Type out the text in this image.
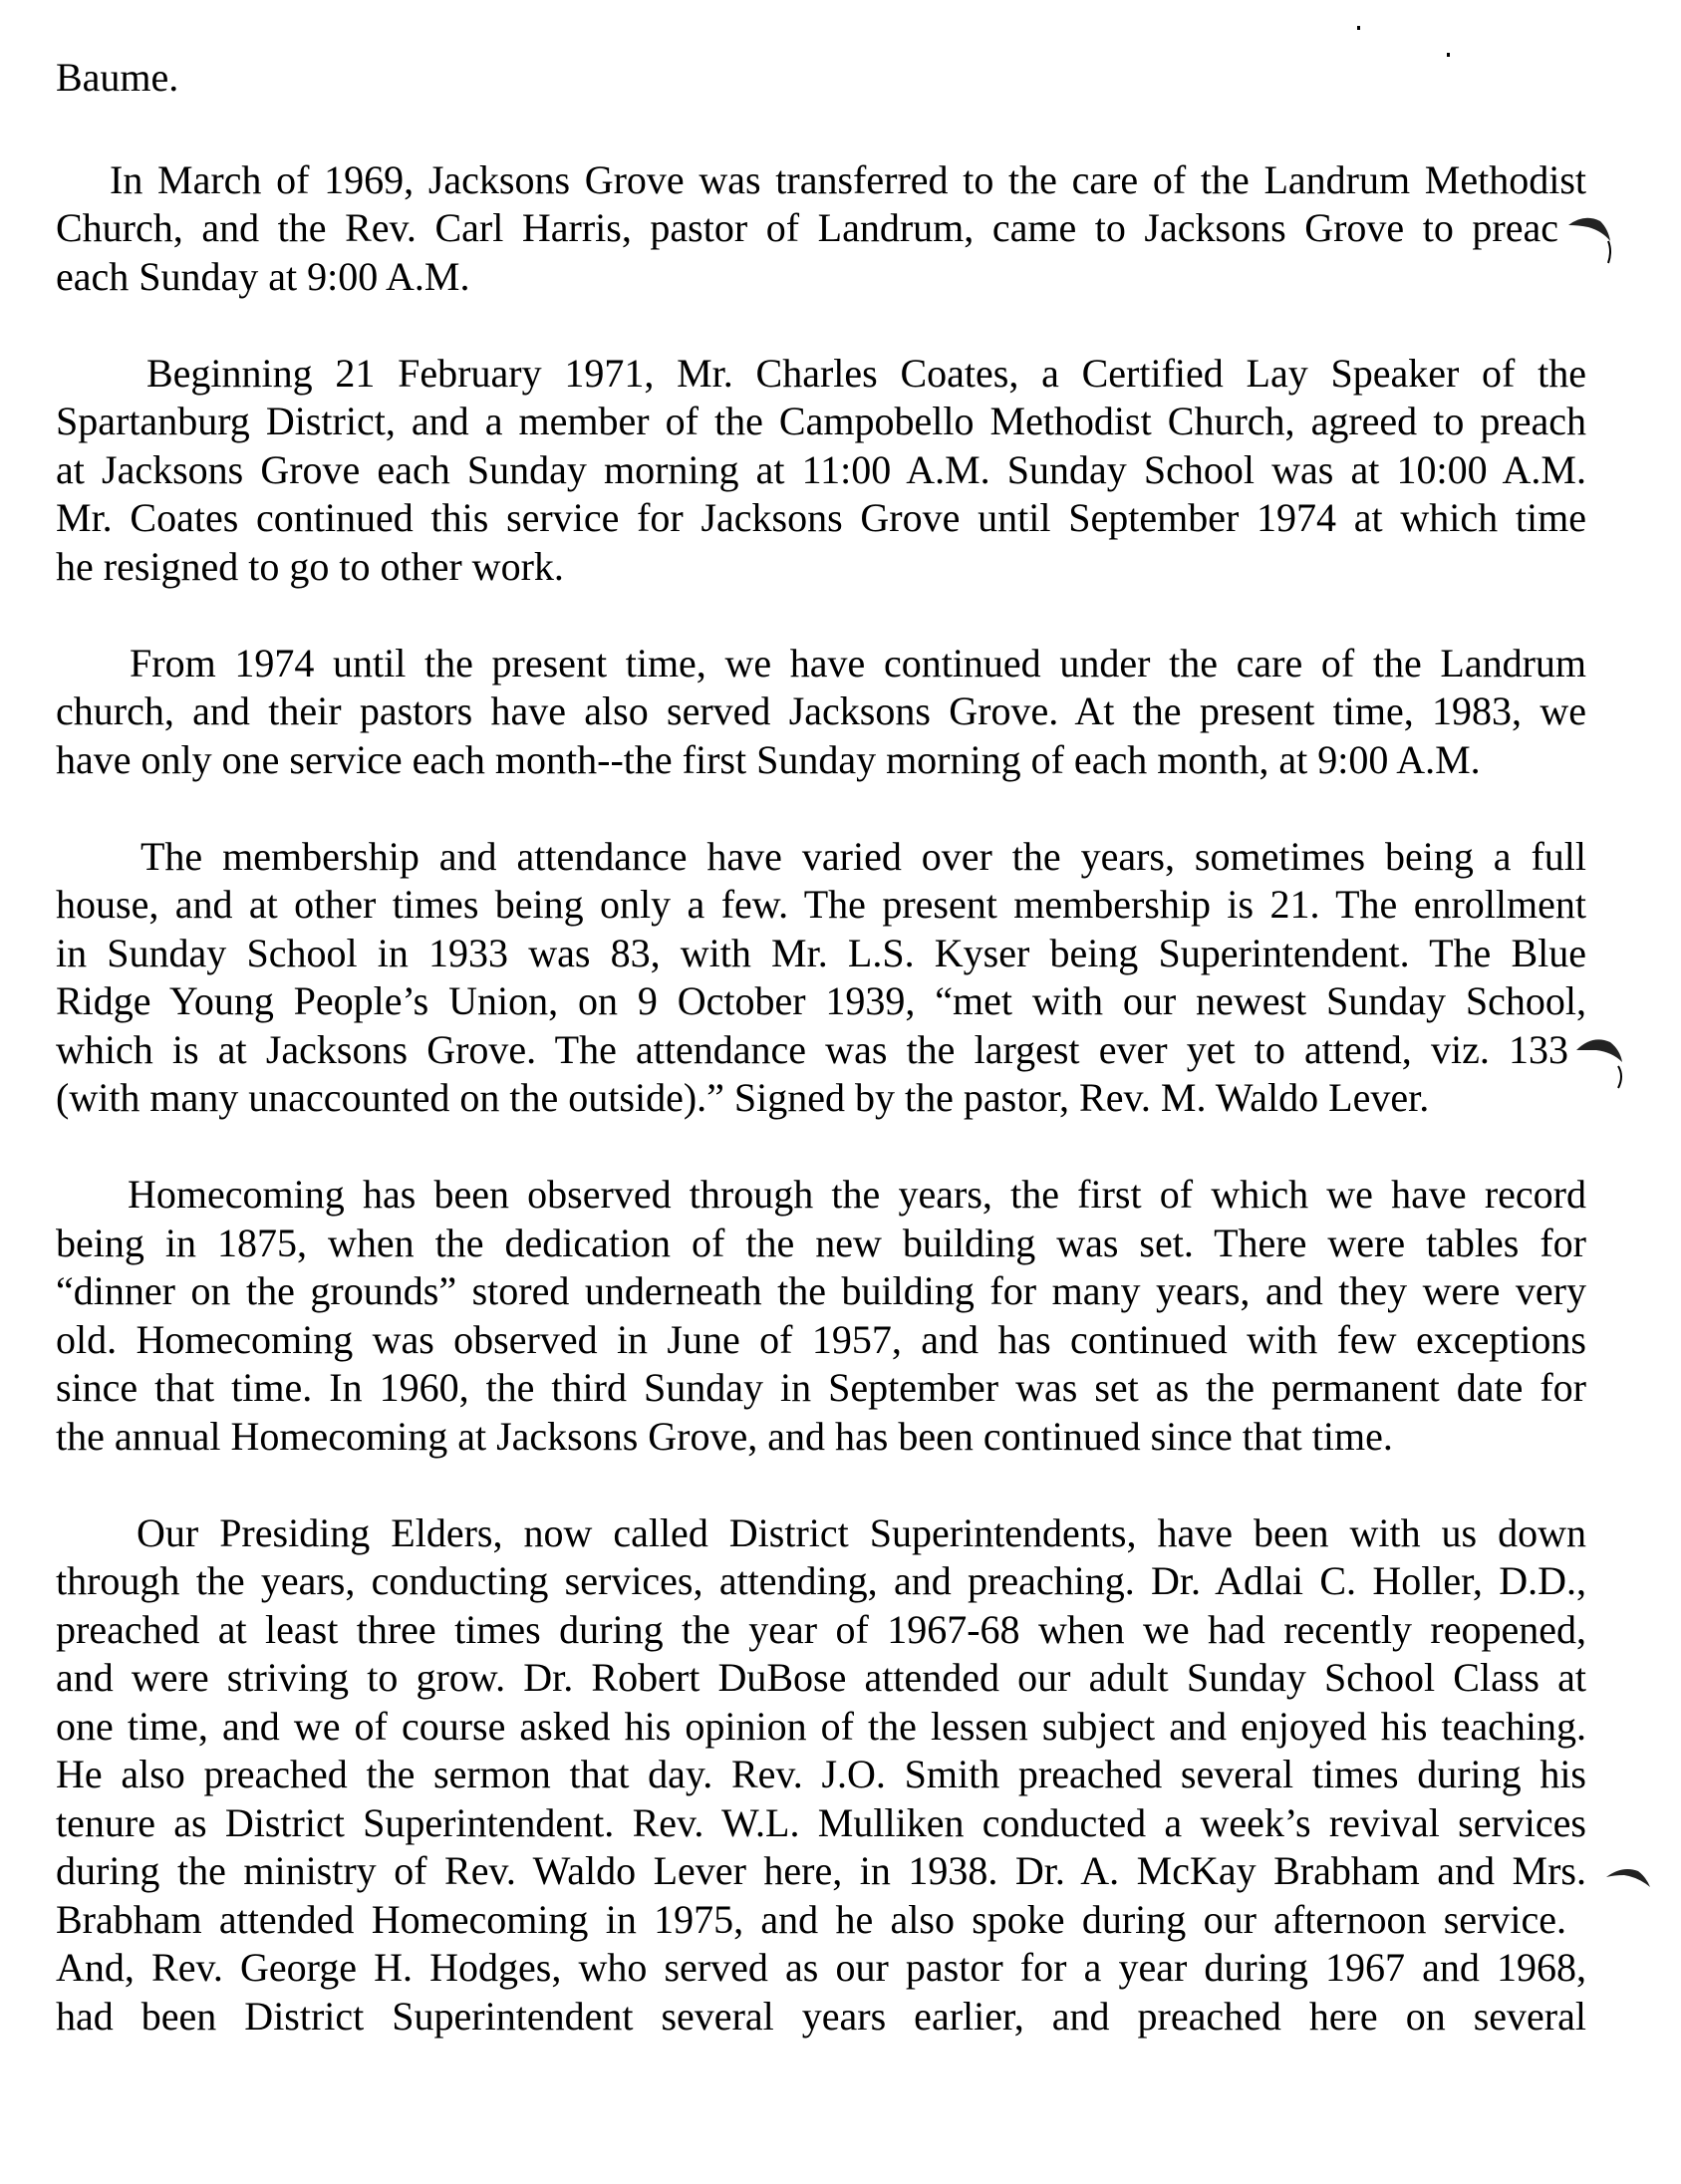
Baume.
In March of 1969, Jacksons Grove was transferred to the care of the Landrum Methodist
Church, and the Rev. Carl Harris, pastor of Landrum, came to Jacksons Grove to preac
each Sunday at 9:00 A.M.
Beginning 21 February 1971, Mr. Charles Coates, a Certified Lay Speaker of the
Spartanburg District, and a member of the Campobello Methodist Church, agreed to preach
at Jacksons Grove each Sunday morning at 11:00 A.M. Sunday School was at 10:00 A.M.
Mr. Coates continued this service for Jacksons Grove until September 1974 at which time
he resigned to go to other work.
From 1974 until the present time, we have continued under the care of the Landrum
church, and their pastors have also served Jacksons Grove. At the present time, 1983, we
have only one service each month--the first Sunday morning of each month, at 9:00 A.M.
The membership and attendance have varied over the years, sometimes being a full
house, and at other times being only a few. The present membership is 21. The enrollment
in Sunday School in 1933 was 83, with Mr. L.S. Kyser being Superintendent. The Blue
Ridge Young People’s Union, on 9 October 1939, “met with our newest Sunday School,
which is at Jacksons Grove. The attendance was the largest ever yet to attend, viz. 133
(with many unaccounted on the outside).” Signed by the pastor, Rev. M. Waldo Lever.
Homecoming has been observed through the years, the first of which we have record
being in 1875, when the dedication of the new building was set. There were tables for
“dinner on the grounds” stored underneath the building for many years, and they were very
old. Homecoming was observed in June of 1957, and has continued with few exceptions
since that time. In 1960, the third Sunday in September was set as the permanent date for
the annual Homecoming at Jacksons Grove, and has been continued since that time.
Our Presiding Elders, now called District Superintendents, have been with us down
through the years, conducting services, attending, and preaching. Dr. Adlai C. Holler, D.D.,
preached at least three times during the year of 1967-68 when we had recently reopened,
and were striving to grow. Dr. Robert DuBose attended our adult Sunday School Class at
one time, and we of course asked his opinion of the lessen subject and enjoyed his teaching.
He also preached the sermon that day. Rev. J.O. Smith preached several times during his
tenure as District Superintendent. Rev. W.L. Mulliken conducted a week’s revival services
during the ministry of Rev. Waldo Lever here, in 1938. Dr. A. McKay Brabham and Mrs.
Brabham attended Homecoming in 1975, and he also spoke during our afternoon service.
And, Rev. George H. Hodges, who served as our pastor for a year during 1967 and 1968,
had been District Superintendent several years earlier, and preached here on several
